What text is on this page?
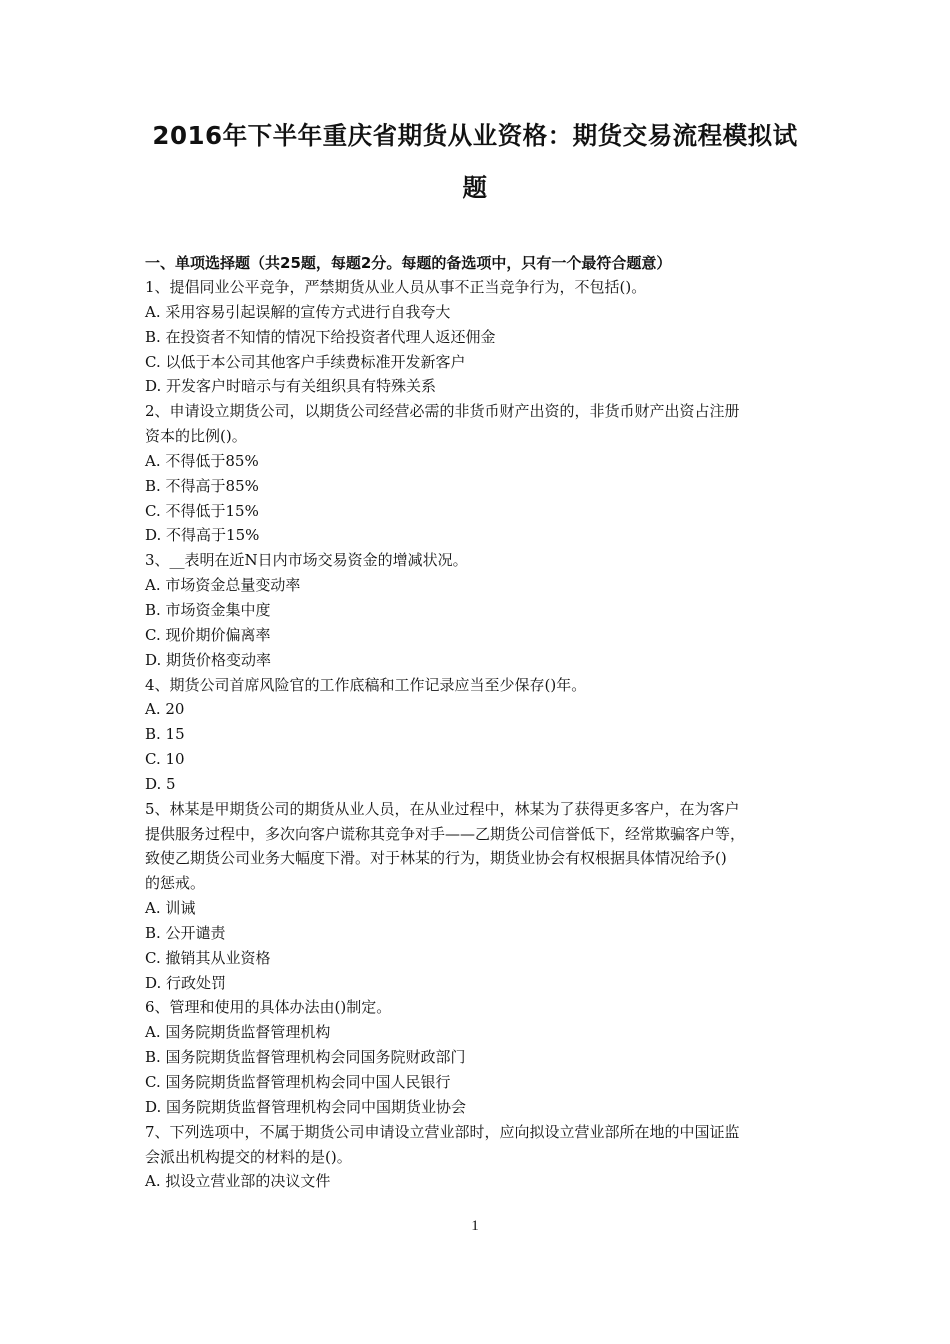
2016年下半年重庆省期货从业资格：期货交易流程模拟试
题
一、单项选择题（共25题，每题2分。每题的备选项中，只有一个最符合题意）
1、提倡同业公平竞争，严禁期货从业人员从事不正当竞争行为，不包括()。
A. 采用容易引起误解的宣传方式进行自我夸大
B. 在投资者不知情的情况下给投资者代理人返还佣金
C. 以低于本公司其他客户手续费标准开发新客户
D. 开发客户时暗示与有关组织具有特殊关系
2、申请设立期货公司，以期货公司经营必需的非货币财产出资的，非货币财产出资占注册
资本的比例()。
A. 不得低于85%
B. 不得高于85%
C. 不得低于15%
D. 不得高于15%
3、__表明在近N日内市场交易资金的增减状况。
A. 市场资金总量变动率
B. 市场资金集中度
C. 现价期价偏离率
D. 期货价格变动率
4、期货公司首席风险官的工作底稿和工作记录应当至少保存()年。
A. 20
B. 15
C. 10
D. 5
5、林某是甲期货公司的期货从业人员，在从业过程中，林某为了获得更多客户，在为客户
提供服务过程中，多次向客户谎称其竞争对手——乙期货公司信誉低下，经常欺骗客户等，
致使乙期货公司业务大幅度下滑。对于林某的行为，期货业协会有权根据具体情况给予()
的惩戒。
A. 训诫
B. 公开谴责
C. 撤销其从业资格
D. 行政处罚
6、管理和使用的具体办法由()制定。
A. 国务院期货监督管理机构
B. 国务院期货监督管理机构会同国务院财政部门
C. 国务院期货监督管理机构会同中国人民银行
D. 国务院期货监督管理机构会同中国期货业协会
7、下列选项中，不属于期货公司申请设立营业部时，应向拟设立营业部所在地的中国证监
会派出机构提交的材料的是()。
A. 拟设立营业部的决议文件
1
